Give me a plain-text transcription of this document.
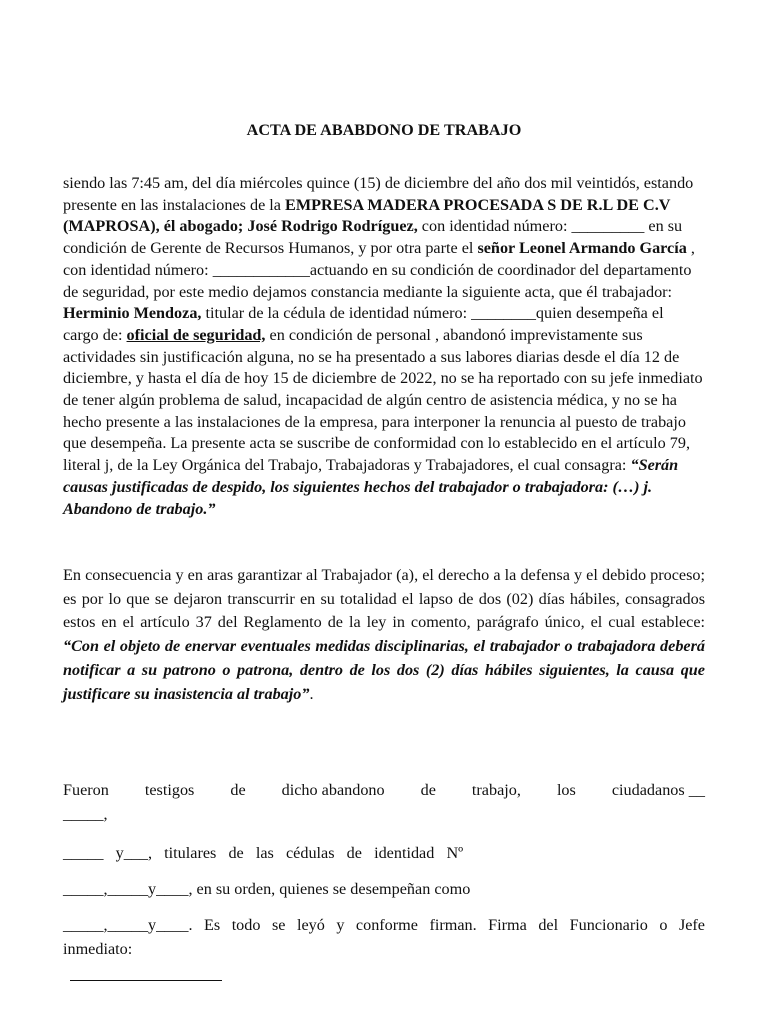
ACTA DE ABABDONO DE TRABAJO
siendo las 7:45 am, del día miércoles quince (15) de diciembre del año dos mil veintidós, estando presente en las instalaciones de la EMPRESA MADERA PROCESADA S DE R.L DE C.V (MAPROSA), él abogado; José Rodrigo Rodríguez, con identidad número: _________ en su condición de Gerente de Recursos Humanos, y por otra parte el señor Leonel Armando García , con identidad número: ____________actuando en su condición de coordinador del departamento de seguridad, por este medio dejamos constancia mediante la siguiente acta, que él trabajador: Herminio Mendoza, titular de la cédula de identidad número: ________quien desempeña el cargo de: oficial de seguridad, en condición de personal , abandonó imprevistamente sus actividades sin justificación alguna, no se ha presentado a sus labores diarias desde el día 12 de diciembre, y hasta el día de hoy 15 de diciembre de 2022, no se ha reportado con su jefe inmediato de tener algún problema de salud, incapacidad de algún centro de asistencia médica, y no se ha hecho presente a las instalaciones de la empresa, para interponer la renuncia al puesto de trabajo que desempeña. La presente acta se suscribe de conformidad con lo establecido en el artículo 79, literal j, de la Ley Orgánica del Trabajo, Trabajadoras y Trabajadores, el cual consagra: “Serán causas justificadas de despido, los siguientes hechos del trabajador o trabajadora: (…) j. Abandono de trabajo.”
En consecuencia y en aras garantizar al Trabajador (a), el derecho a la defensa y el debido proceso; es por lo que se dejaron transcurrir en su totalidad el lapso de dos (02) días hábiles, consagrados estos en el artículo 37 del Reglamento de la ley in comento, parágrafo único, el cual establece: “Con el objeto de enervar eventuales medidas disciplinarias, el trabajador o trabajadora deberá notificar a su patrono o patrona, dentro de los dos (2) días hábiles siguientes, la causa que justificare su inasistencia al trabajo”.
Fueron testigos de dicho abandono de trabajo, los ciudadanos __
_____,
_____   y___,   titulares   de   las   cédulas   de   identidad   Nº
_____,_____y____, en su orden, quienes se desempeñan como
_____,_____y____. Es todo se leyó y conforme firman. Firma del Funcionario o Jefe
inmediato:
